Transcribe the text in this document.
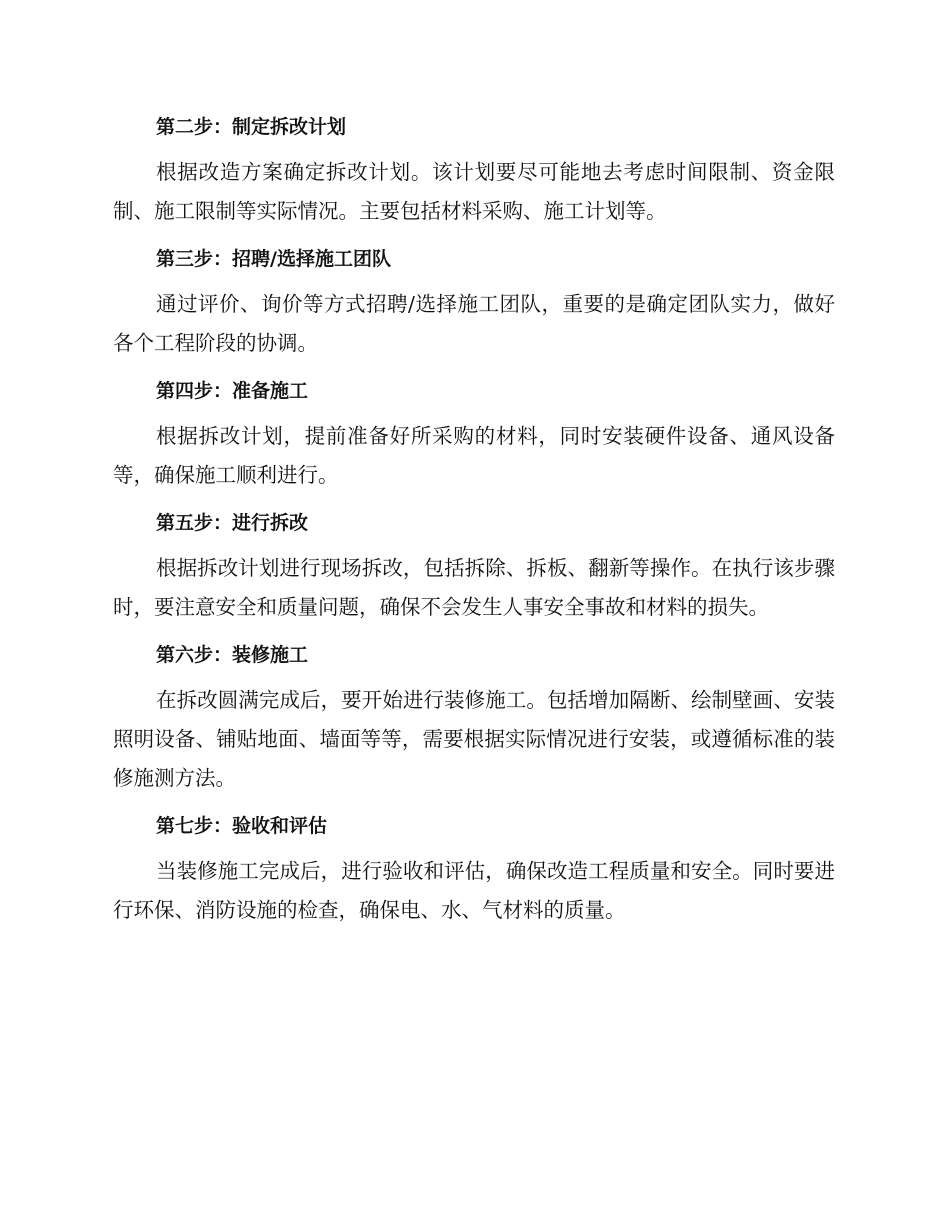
第二步：制定拆改计划

根据改造方案确定拆改计划。该计划要尽可能地去考虑时间限制、资金限制、施工限制等实际情况。主要包括材料采购、施工计划等。

第三步：招聘/选择施工团队

通过评价、询价等方式招聘/选择施工团队，重要的是确定团队实力，做好各个工程阶段的协调。

第四步：准备施工

根据拆改计划，提前准备好所采购的材料，同时安装硬件设备、通风设备等，确保施工顺利进行。

第五步：进行拆改

根据拆改计划进行现场拆改，包括拆除、拆板、翻新等操作。在执行该步骤时，要注意安全和质量问题，确保不会发生人事安全事故和材料的损失。

第六步：装修施工

在拆改圆满完成后，要开始进行装修施工。包括增加隔断、绘制壁画、安装照明设备、铺贴地面、墙面等等，需要根据实际情况进行安装，或遵循标准的装修施测方法。

第七步：验收和评估

当装修施工完成后，进行验收和评估，确保改造工程质量和安全。同时要进行环保、消防设施的检查，确保电、水、气材料的质量。
